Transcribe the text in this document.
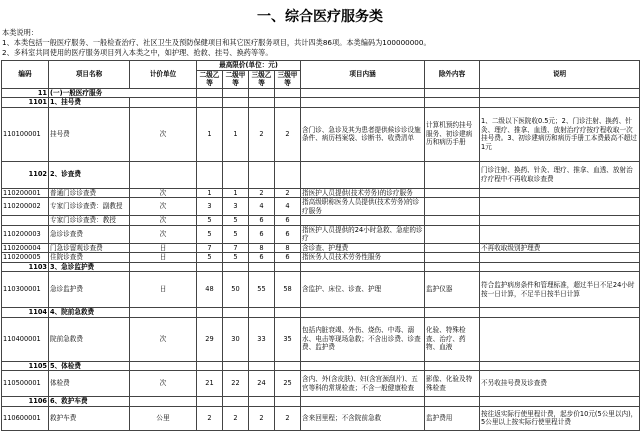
一、综合医疗服务类
本类说明：
1、本类包括一般医疗服务、一般检查治疗、社区卫生及预防保健项目和其它医疗服务项目，共计四类86项。本类编码为100000000。
2、多科室共同使用的医疗服务项目列入本类之中，如护理、抢救、挂号、换药等等。
编码	项目名称	计价单位	最高限价(单位：元)				项目内涵	除外内容	说明
			二级乙等	二级甲等	三级乙等	三级甲等			
11	(一)一般医疗服务								
1101	1、挂号费								
110100001	挂号费	次	1	1	2	2	含门诊、急诊及其为患者提供候诊诊设施条件、病历档案袋、诊断书、收费清单	计算机预约挂号服务、初诊建病历和病历手册	1、二级以下医院收0.5元；2、门诊注射、换药、针灸、理疗、推拿、血透、放射治疗疗按疗程收取一次挂号费。3、初诊建病历和病历手册工本费最高不超过1元
1102	2、诊查费								门诊注射、换药、针灸、理疗、推拿、血透、放射治疗疗程中不再收取诊查费
110200001	普通门诊诊查费	次	1	1	2	2	指医护人员提供(技术劳务)的诊疗服务		
110200002	专家门诊诊查费：副教授	次	3	3	4	4	指高级职称医务人员提供(技术劳务)的诊疗服务		
	专家门诊诊查费：教授	次	5	5	6	6			
110200003	急诊诊查费	次	5	5	6	6	指医护人员提供的24小时急救、急症的诊疗		
110200004	门急诊留观诊查费	日	7	7	8	8	含诊查、护理费		不再收取级别护理费
110200005	住院诊查费	日	5	5	6	6	指医务人员技术劳务性服务		
1103	3、急诊监护费								
110300001	急诊监护费	日	48	50	55	58	含监护、床位、诊查、护理	监护仪器	符合监护病房条件和管理标准，超过半日不足24小时按一日计算，不足半日按半日计算
1104	4、院前急救费								
110400001	院前急救费	次	29	30	33	35	包括内脏衰竭、外伤、烧伤、中毒、溺水、电击等现场急救；不含出诊费、诊查费、监护费	化验、特殊检查、治疗、药物、血液	
1105	5、体检费								
110500001	体检费	次	21	22	24	25	含内、外(含皮肤)、妇(含宫颈刮片)、五官等科的常规检查；不含一般健康检查	影像、化验及特殊检查	不另收挂号费及诊查费
1106	6、救护车费								
110600001	救护车费	公里	2	2	2	2	含来回里程；不含院前急救	监护费用	按往返实际行使里程计费，起步价10元(5公里以内)，5公里以上按实际行使里程计费
